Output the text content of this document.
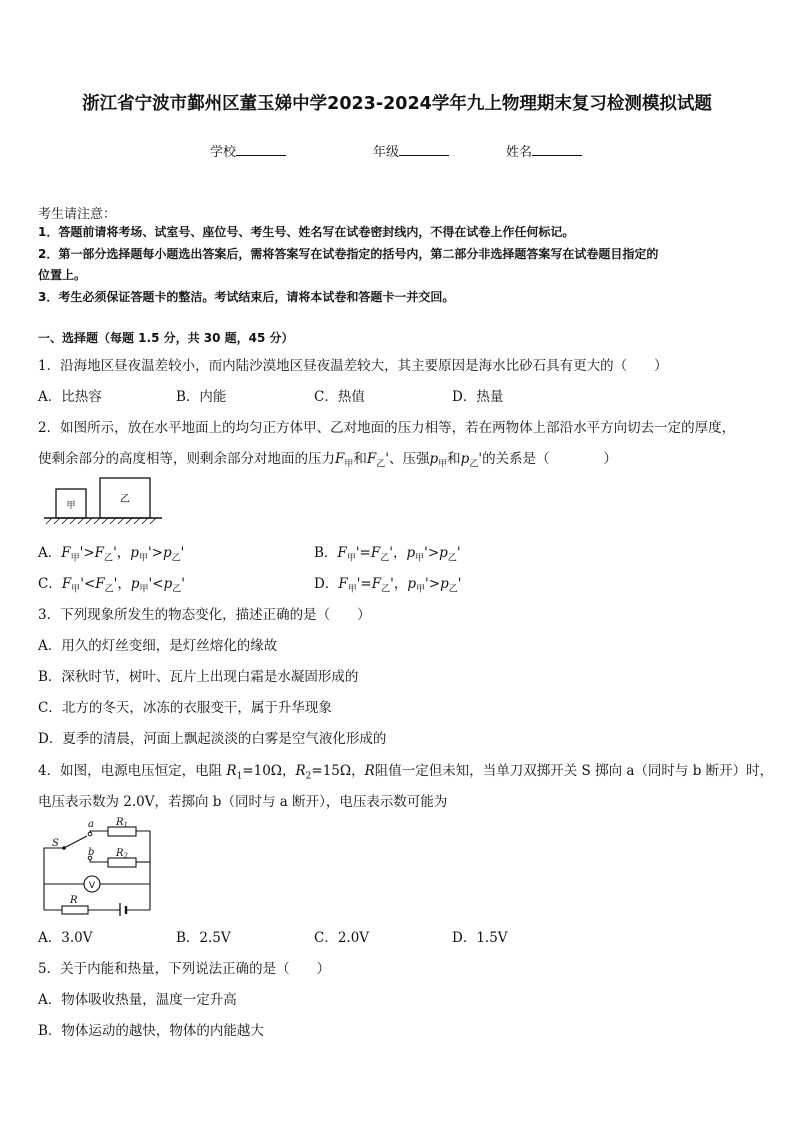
浙江省宁波市鄞州区董玉娣中学2023-2024学年九上物理期末复习检测模拟试题
学校	年级	姓名
考生请注意：
1．答题前请将考场、试室号、座位号、考生号、姓名写在试卷密封线内，不得在试卷上作任何标记。
2．第一部分选择题每小题选出答案后，需将答案写在试卷指定的括号内，第二部分非选择题答案写在试卷题目指定的
位置上。
3．考生必须保证答题卡的整洁。考试结束后，请将本试卷和答题卡一并交回。
一、选择题（每题 1.5 分，共 30 题，45 分）
1．沿海地区昼夜温差较小，而内陆沙漠地区昼夜温差较大，其主要原因是海水比砂石具有更大的（　　）
A．比热容	B．内能	C．热值	D．热量
2．如图所示，放在水平地面上的均匀正方体甲、乙对地面的压力相等，若在两物体上部沿水平方向切去一定的厚度，
使剩余部分的高度相等，则剩余部分对地面的压力$F_甲$和$F_乙'$、压强$p_甲$和$p_乙'$的关系是（　　　　）
甲
乙
A．$F_甲'>F_乙'$，$p_甲'>p_乙'$	B．$F_甲'=F_乙'$，$p_甲'>p_乙'$
C．$F_甲'<F_乙'$，$p_甲'<p_乙'$	D．$F_甲'=F_乙'$，$p_甲'>p_乙'$
3．下列现象所发生的物态变化，描述正确的是（　　）
A．用久的灯丝变细，是灯丝熔化的缘故
B．深秋时节，树叶、瓦片上出现白霜是水凝固形成的
C．北方的冬天，冰冻的衣服变干，属于升华现象
D．夏季的清晨，河面上飘起淡淡的白雾是空气液化形成的
4．如图，电源电压恒定，电阻 $R_1=10\Omega$，$R_2=15\Omega$，R阻值一定但未知，当单刀双掷开关 S 掷向 a（同时与 b 断开）时，
电压表示数为 2.0V，若掷向 b（同时与 a 断开），电压表示数可能为
S
a
b
$R_1$
$R_2$
R
V
A．3.0V	B．2.5V	C．2.0V	D．1.5V
5．关于内能和热量，下列说法正确的是（　　）
A．物体吸收热量，温度一定升高
B．物体运动的越快，物体的内能越大
